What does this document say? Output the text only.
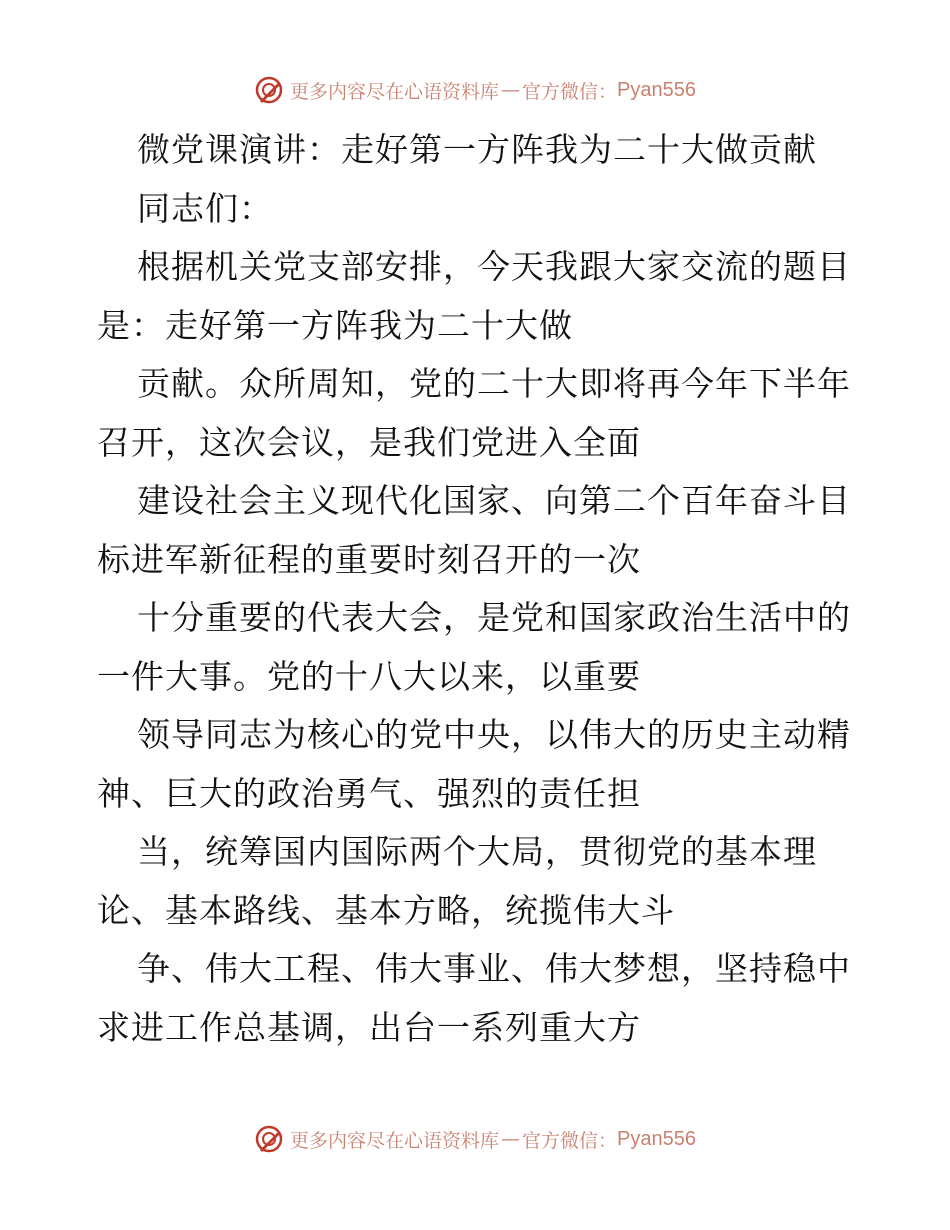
更多内容尽在心语资料库 — 官方微信： Pyan556
微党课演讲：走好第一方阵我为二十大做贡献
同志们：
根据机关党支部安排，今天我跟大家交流的题目
是：走好第一方阵我为二十大做
贡献。众所周知，党的二十大即将再今年下半年
召开，这次会议，是我们党进入全面
建设社会主义现代化国家、向第二个百年奋斗目
标进军新征程的重要时刻召开的一次
十分重要的代表大会，是党和国家政治生活中的
一件大事。党的十八大以来，以重要
领导同志为核心的党中央，以伟大的历史主动精
神、巨大的政治勇气、强烈的责任担
当，统筹国内国际两个大局，贯彻党的基本理
论、基本路线、基本方略，统揽伟大斗
争、伟大工程、伟大事业、伟大梦想，坚持稳中
求进工作总基调，出台一系列重大方
更多内容尽在心语资料库 — 官方微信： Pyan556
